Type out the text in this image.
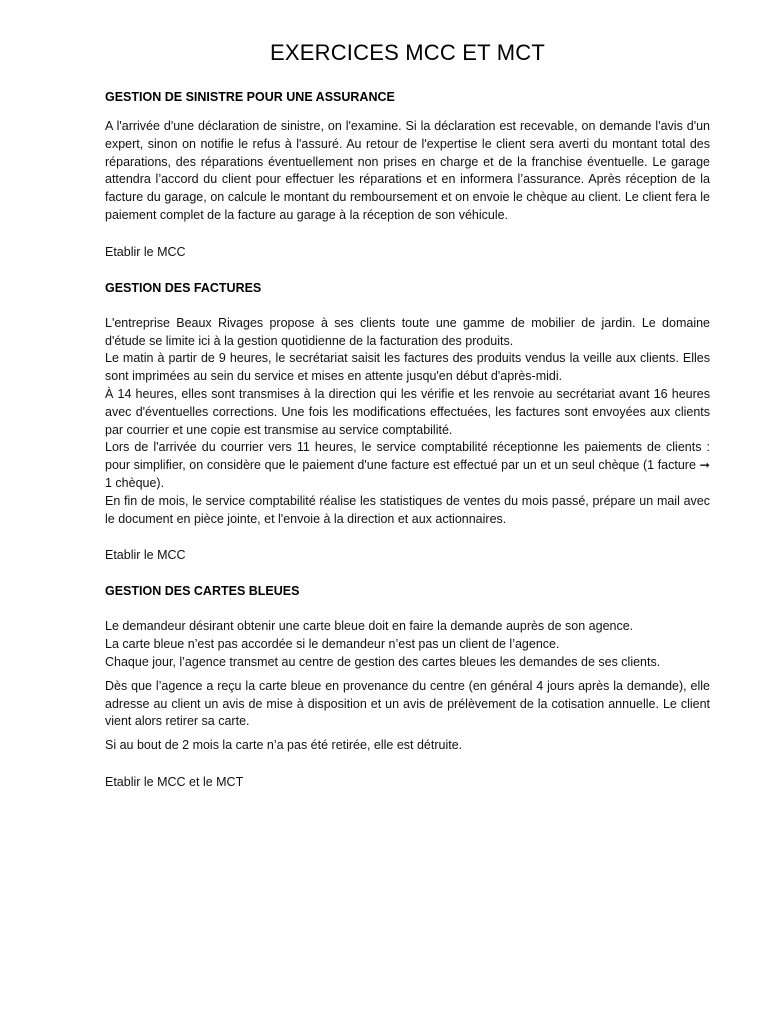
EXERCICES MCC ET MCT

GESTION DE SINISTRE POUR UNE ASSURANCE

A l'arrivée d'une déclaration de sinistre, on l'examine. Si la déclaration est recevable, on demande l'avis d'un expert, sinon on notifie le refus à l'assuré. Au retour de l'expertise le client sera averti du montant total des réparations, des réparations éventuellement non prises en charge et de la franchise éventuelle. Le garage attendra l’accord du client pour effectuer les réparations et en informera l’assurance. Après réception de la facture du garage, on calcule le montant du remboursement et on envoie le chèque au client. Le client fera le paiement complet de la facture au garage à la réception de son véhicule.

Etablir le MCC

GESTION DES FACTURES

L'entreprise Beaux Rivages propose à ses clients toute une gamme de mobilier de jardin. Le domaine d'étude se limite ici à la gestion quotidienne de la facturation des produits.

Le matin à partir de 9 heures, le secrétariat saisit les factures des produits vendus la veille aux clients. Elles sont imprimées au sein du service et mises en attente jusqu'en début d'après-midi.

À 14 heures, elles sont transmises à la direction qui les vérifie et les renvoie au secrétariat avant 16 heures avec d'éventuelles corrections. Une fois les modifications effectuées, les factures sont envoyées aux clients par courrier et une copie est transmise au service comptabilité.

Lors de l'arrivée du courrier vers 11 heures, le service comptabilité réceptionne les paiements de clients : pour simplifier, on considère que le paiement d'une facture est effectué par un et un seul chèque (1 facture ➞ 1 chèque).

En fin de mois, le service comptabilité réalise les statistiques de ventes du mois passé, prépare un mail avec le document en pièce jointe, et l'envoie à la direction et aux actionnaires.

Etablir le MCC

GESTION DES CARTES BLEUES

Le demandeur désirant obtenir une carte bleue doit en faire la demande auprès de son agence.

La carte bleue n’est pas accordée si le demandeur n’est pas un client de l’agence.

Chaque jour, l’agence transmet au centre de gestion des cartes bleues les demandes de ses clients.

Dès que l’agence a reçu la carte bleue en provenance du centre (en général 4 jours après la demande), elle adresse au client un avis de mise à disposition et un avis de prélèvement de la cotisation annuelle. Le client vient alors retirer sa carte.

Si au bout de 2 mois la carte n’a pas été retirée, elle est détruite.

Etablir le MCC et le MCT
